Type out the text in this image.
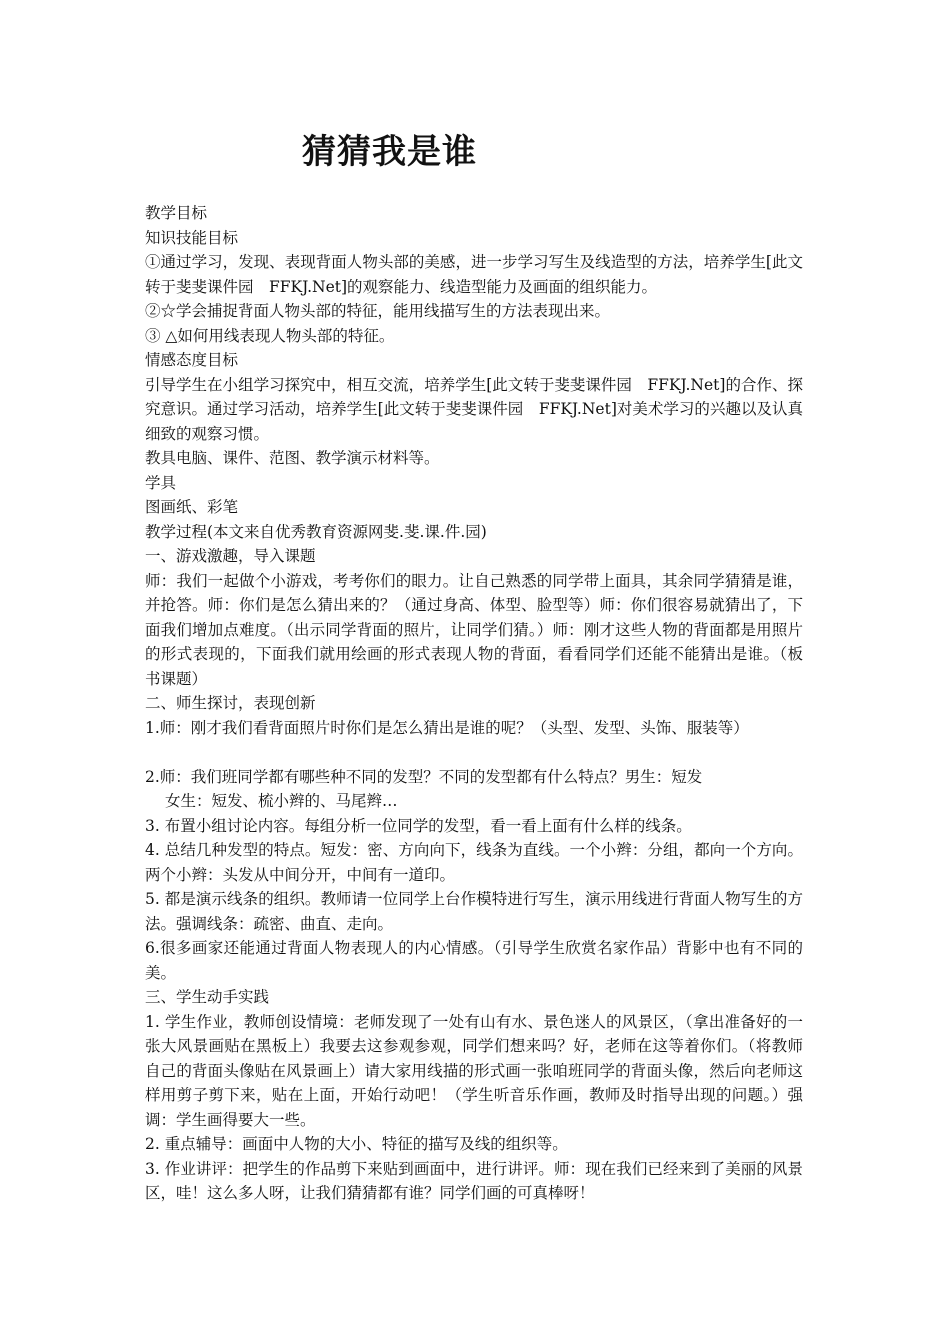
猜猜我是谁

教学目标

知识技能目标

①通过学习，发现、表现背面人物头部的美感，进一步学习写生及线造型的方法，培养学生[此文转于斐斐课件园　FFKJ.Net]的观察能力、线造型能力及画面的组织能力。

②☆学会捕捉背面人物头部的特征，能用线描写生的方法表现出来。

③ △如何用线表现人物头部的特征。

情感态度目标

引导学生在小组学习探究中，相互交流，培养学生[此文转于斐斐课件园　FFKJ.Net]的合作、探究意识。通过学习活动，培养学生[此文转于斐斐课件园　FFKJ.Net]对美术学习的兴趣以及认真细致的观察习惯。

教具电脑、课件、范图、教学演示材料等。

学具

图画纸、彩笔

教学过程(本文来自优秀教育资源网斐.斐.课.件.园)

一、游戏激趣，导入课题

师：我们一起做个小游戏，考考你们的眼力。让自己熟悉的同学带上面具，其余同学猜猜是谁，并抢答。师：你们是怎么猜出来的？（通过身高、体型、脸型等）师：你们很容易就猜出了，下面我们增加点难度。（出示同学背面的照片，让同学们猜。）师：刚才这些人物的背面都是用照片的形式表现的，下面我们就用绘画的形式表现人物的背面，看看同学们还能不能猜出是谁。（板书课题）

二、师生探讨，表现创新

1.师：刚才我们看背面照片时你们是怎么猜出是谁的呢？（头型、发型、头饰、服装等）

2.师：我们班同学都有哪些种不同的发型？不同的发型都有什么特点？男生：短发

女生：短发、梳小辫的、马尾辫…

3. 布置小组讨论内容。每组分析一位同学的发型，看一看上面有什么样的线条。

4. 总结几种发型的特点。短发：密、方向向下，线条为直线。一个小辫：分组，都向一个方向。两个小辫：头发从中间分开，中间有一道印。

5. 都是演示线条的组织。教师请一位同学上台作模特进行写生，演示用线进行背面人物写生的方法。强调线条：疏密、曲直、走向。

6.很多画家还能通过背面人物表现人的内心情感。（引导学生欣赏名家作品）背影中也有不同的美。

三、学生动手实践

1. 学生作业，教师创设情境：老师发现了一处有山有水、景色迷人的风景区，（拿出准备好的一张大风景画贴在黑板上）我要去这参观参观，同学们想来吗？好，老师在这等着你们。（将教师自己的背面头像贴在风景画上）请大家用线描的形式画一张咱班同学的背面头像，然后向老师这样用剪子剪下来，贴在上面，开始行动吧！（学生听音乐作画，教师及时指导出现的问题。）强调：学生画得要大一些。

2. 重点辅导：画面中人物的大小、特征的描写及线的组织等。

3. 作业讲评：把学生的作品剪下来贴到画面中，进行讲评。师：现在我们已经来到了美丽的风景区，哇！这么多人呀，让我们猜猜都有谁？同学们画的可真棒呀！
